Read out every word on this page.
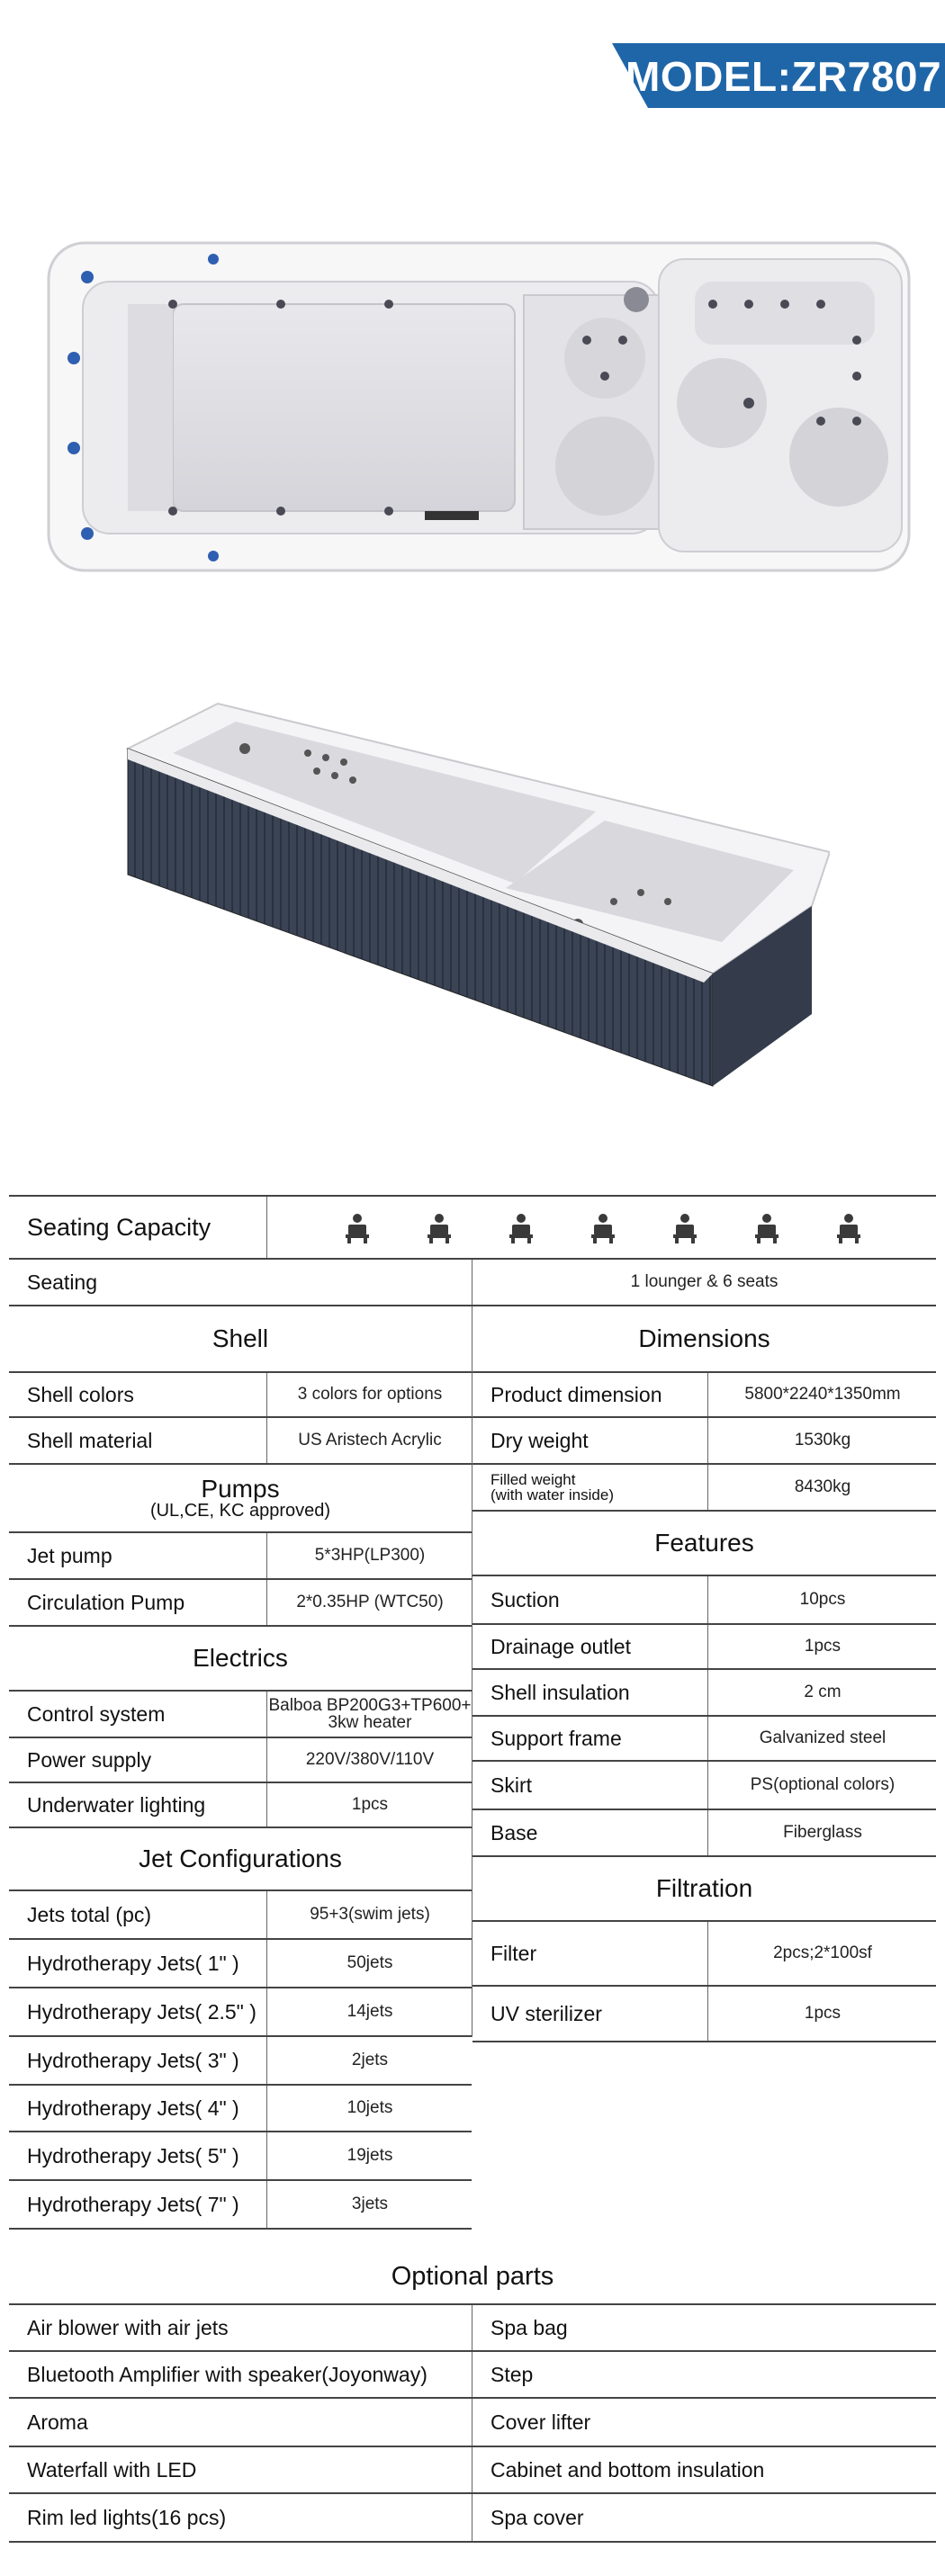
MODEL:ZR7807
Seating Capacity
Seating	1 lounger & 6 seats
Optional parts
Shell
Shell colors	3 colors for options
Shell material	US Aristech Acrylic
Pumps
(UL,CE, KC approved)
Jet pump	5*3HP(LP300)
Circulation Pump	2*0.35HP (WTC50)
Electrics
Control system	Balboa BP200G3+TP600+
3kw heater
Power supply	220V/380V/110V
Underwater lighting	1pcs
Jet Configurations
Jets total (pc)	95+3(swim jets)
Hydrotherapy Jets( 1" )	50jets
Hydrotherapy Jets( 2.5" )	14jets
Hydrotherapy Jets( 3" )	2jets
Hydrotherapy Jets( 4" )	10jets
Hydrotherapy Jets( 5" )	19jets
Hydrotherapy Jets( 7" )	3jets
Dimensions
Product dimension	5800*2240*1350mm
Dry weight	1530kg
Filled weight
(with water inside)	8430kg
Features
Suction	10pcs
Drainage outlet	1pcs
Shell insulation	2 cm
Support frame	Galvanized steel
Skirt	PS(optional colors)
Base	Fiberglass
Filtration
Filter	2pcs;2*100sf
UV sterilizer	1pcs
Air blower with air jets	Spa bag
Bluetooth Amplifier with speaker(Joyonway)	Step
Aroma	Cover lifter
Waterfall with LED	Cabinet and bottom insulation
Rim led lights(16 pcs)	Spa cover
